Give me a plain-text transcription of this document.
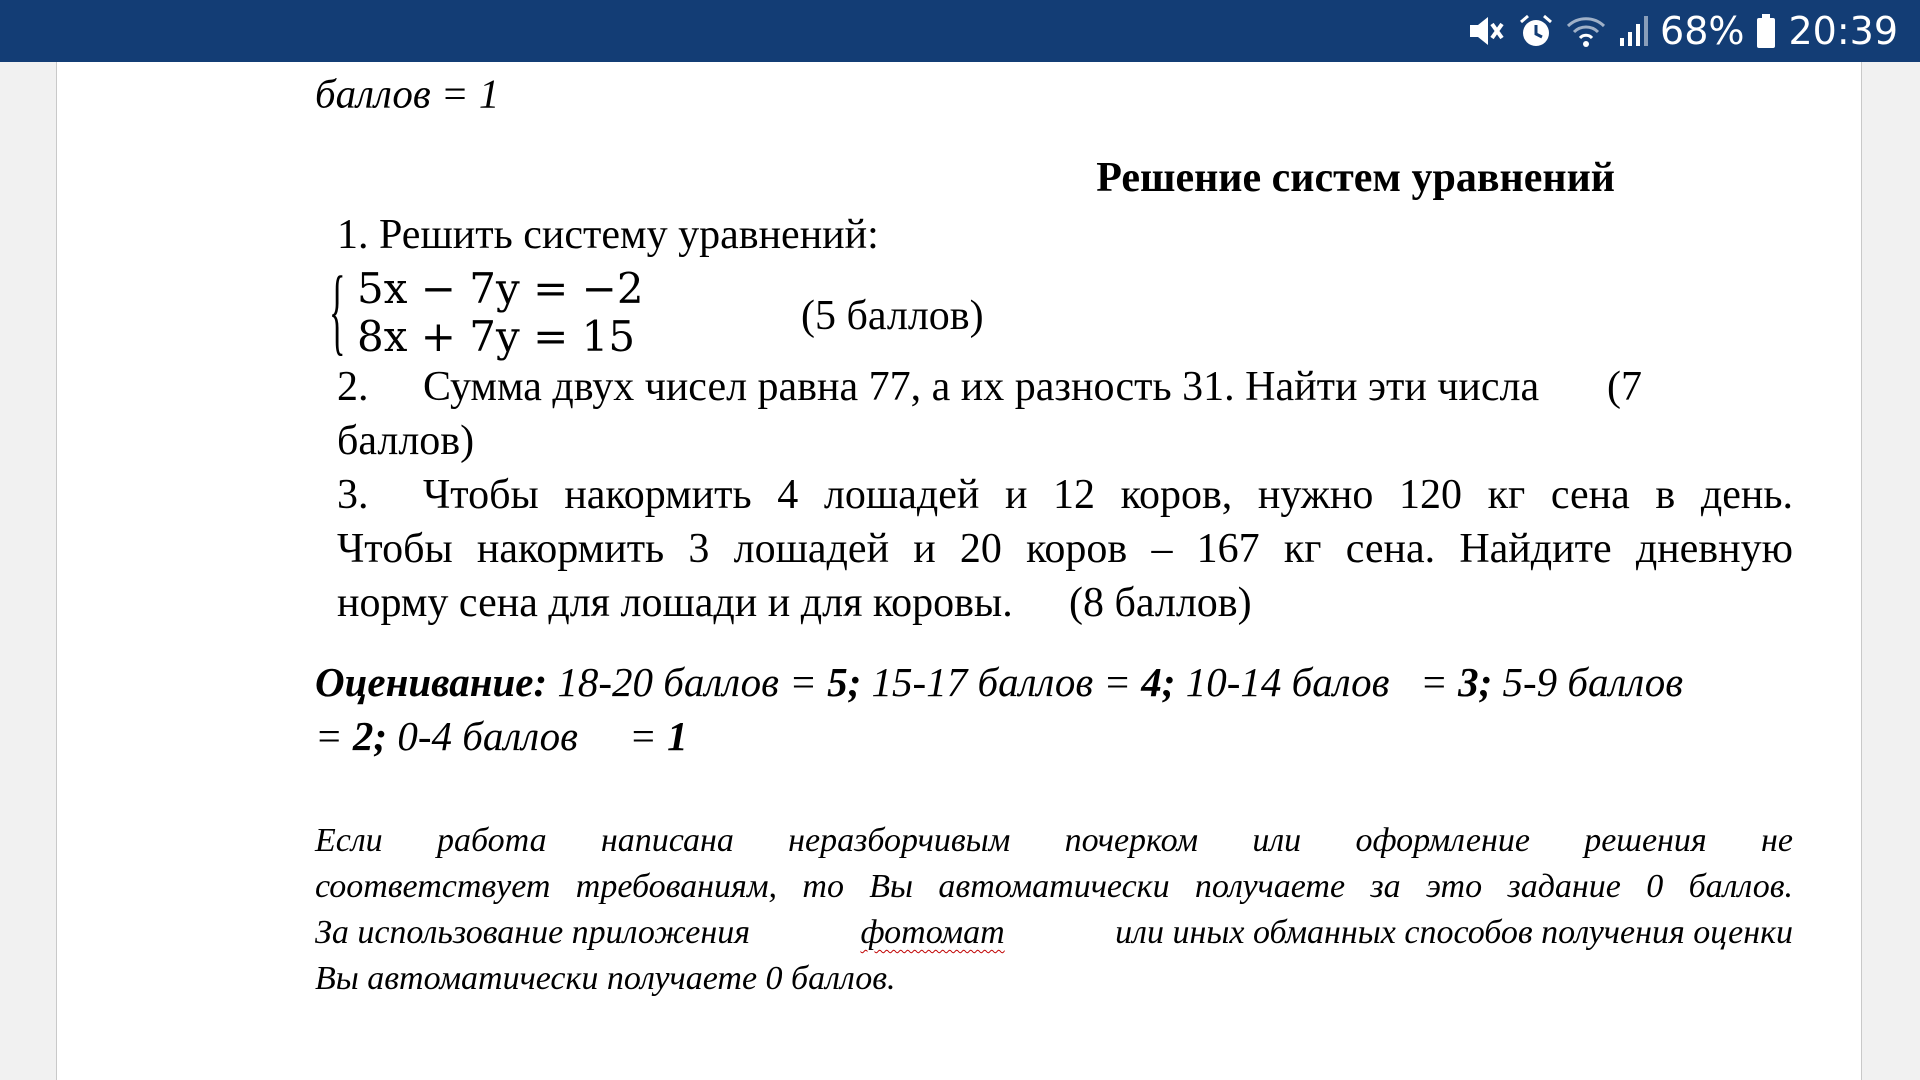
68% 20:39
баллов = 1
Решение систем уравнений
1. Решить систему уравнений:
{ 5x − 7y = −2
8x + 7y = 15	(5 баллов)
2. Сумма двух чисел равна 77, а их разность 31. Найти эти числа (7
баллов)
3. Чтобы накормить 4 лошадей и 12 коров, нужно 120 кг сена в день.
Чтобы накормить 3 лошадей и 20 коров – 167 кг сена. Найдите дневную
норму сена для лошади и для коровы. (8 баллов)
Оценивание: 18-20 баллов = 5; 15-17 баллов = 4; 10-14 балов   = 3; 5-9 баллов
= 2; 0-4 баллов     = 1
Если работа написана неразборчивым почерком или оформление решения не
соответствует требованиям, то Вы автоматически получаете за это задание 0 баллов.
За использование приложения	фотомат	или иных обманных способов получения оценки
Вы автоматически получаете 0 баллов.
